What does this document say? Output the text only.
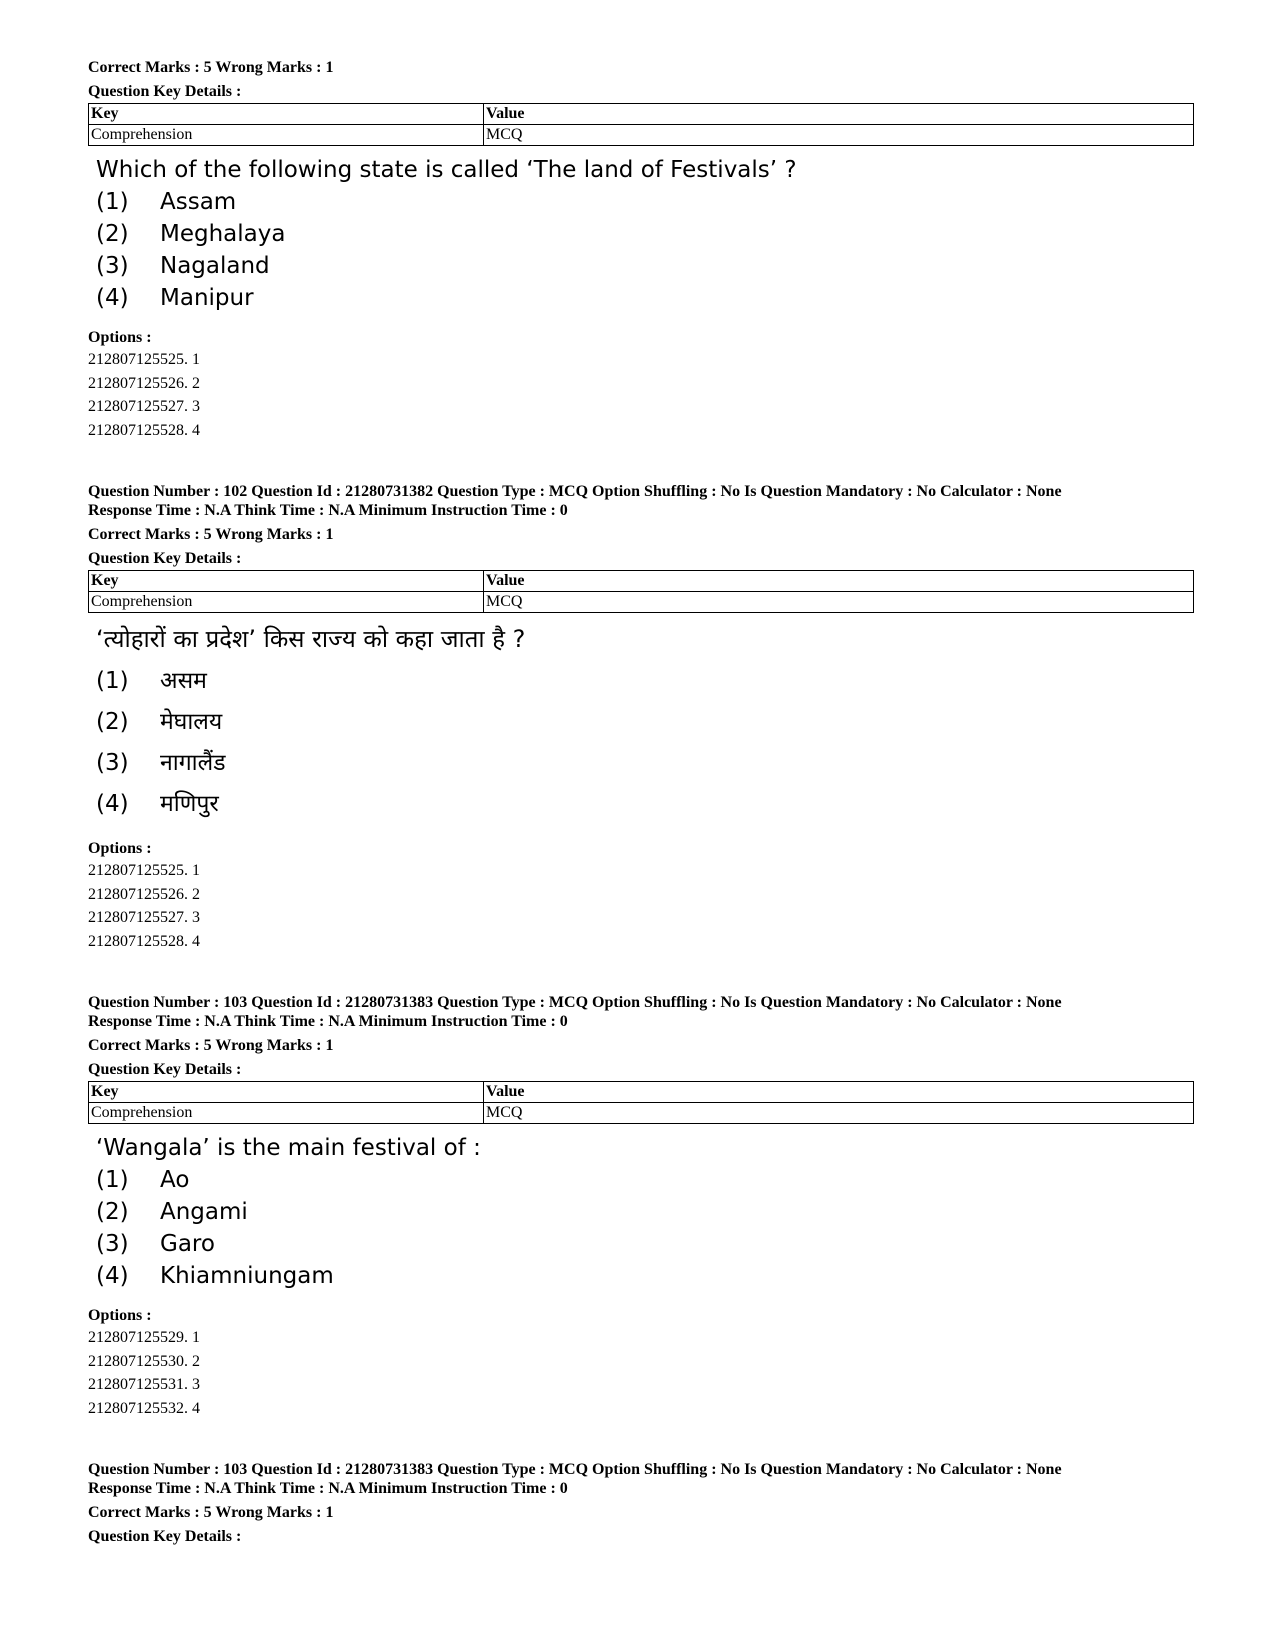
Correct Marks : 5 Wrong Marks : 1

Question Key Details :

Key	Value
Comprehension	MCQ
Which of the following state is called ‘The land of Festivals’ ?
(1)	Assam
(2)	Meghalaya
(3)	Nagaland
(4)	Manipur
Options :
212807125525. 1
212807125526. 2
212807125527. 3
212807125528. 4

Question Number : 102 Question Id : 21280731382 Question Type : MCQ Option Shuffling : No Is Question Mandatory : No Calculator : None

Response Time : N.A Think Time : N.A Minimum Instruction Time : 0

Correct Marks : 5 Wrong Marks : 1

Question Key Details :

Key	Value
Comprehension	MCQ
‘त्योहारों का प्रदेश’ किस राज्य को कहा जाता है ?
(1)	असम
(2)	मेघालय
(3)	नागालैंड
(4)	मणिपुर
Options :
212807125525. 1
212807125526. 2
212807125527. 3
212807125528. 4

Question Number : 103 Question Id : 21280731383 Question Type : MCQ Option Shuffling : No Is Question Mandatory : No Calculator : None

Response Time : N.A Think Time : N.A Minimum Instruction Time : 0

Correct Marks : 5 Wrong Marks : 1

Question Key Details :

Key	Value
Comprehension	MCQ
‘Wangala’ is the main festival of :
(1)	Ao
(2)	Angami
(3)	Garo
(4)	Khiamniungam
Options :
212807125529. 1
212807125530. 2
212807125531. 3
212807125532. 4

Question Number : 103 Question Id : 21280731383 Question Type : MCQ Option Shuffling : No Is Question Mandatory : No Calculator : None

Response Time : N.A Think Time : N.A Minimum Instruction Time : 0

Correct Marks : 5 Wrong Marks : 1

Question Key Details :
